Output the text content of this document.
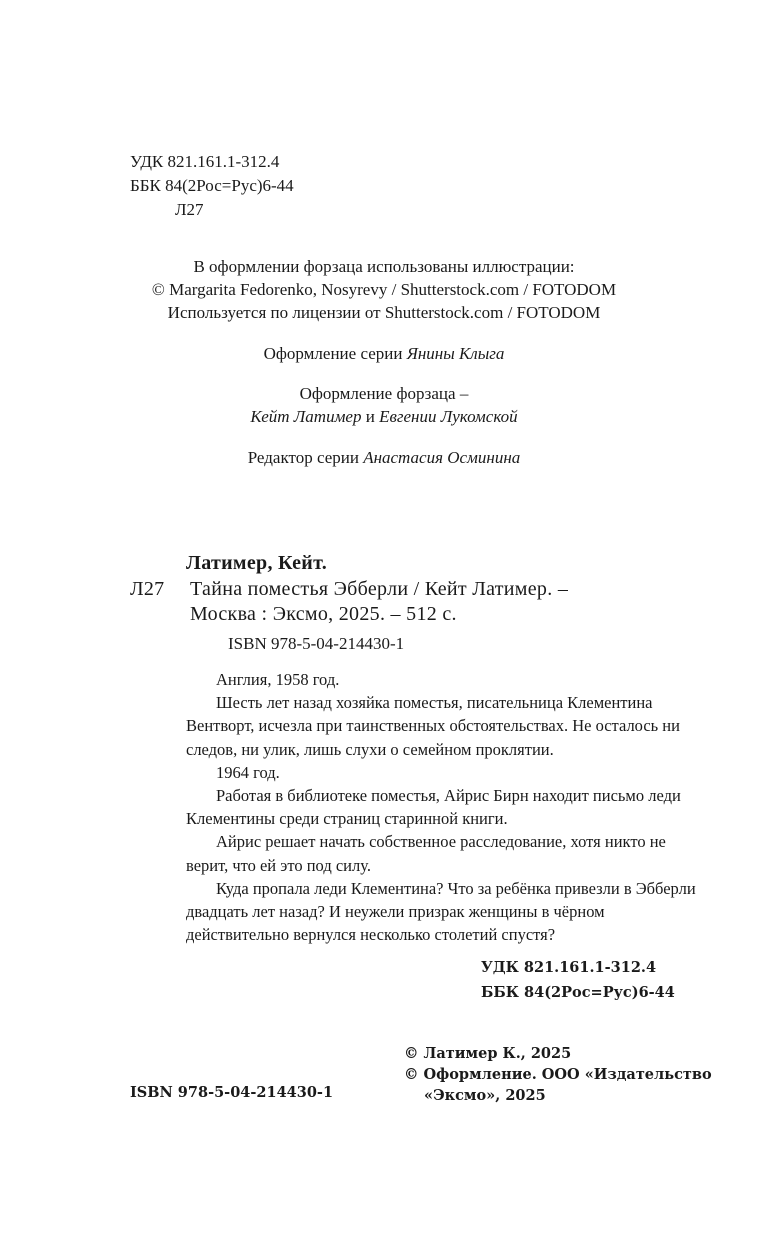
УДК 821.161.1-312.4
ББК 84(2Рос=Рус)6-44
Л27
В оформлении форзаца использованы иллюстрации:
© Margarita Fedorenko, Nosyrevy / Shutterstock.com / FOTODOM
Используется по лицензии от Shutterstock.com / FOTODOM
Оформление серии Янины Клыга
Оформление форзаца –
Кейт Латимер и Евгении Лукомской
Редактор серии Анастасия Осминина
Латимер, Кейт.
Л27 Тайна поместья Эбберли / Кейт Латимер. –
Москва : Эксмо, 2025. – 512 с.
ISBN 978-5-04-214430-1

Англия, 1958 год.

Шесть лет назад хозяйка поместья, писательница Клементина Вентворт, исчезла при таинственных обстоятельствах. Не осталось ни следов, ни улик, лишь слухи о семейном проклятии.

1964 год.

Работая в библиотеке поместья, Айрис Бирн находит письмо леди Клементины среди страниц старинной книги.

Айрис решает начать собственное расследование, хотя никто не верит, что ей это под силу.

Куда пропала леди Клементина? Что за ребёнка привезли в Эбберли двадцать лет назад? И неужели призрак женщины в чёрном действительно вернулся несколько столетий спустя?

УДК 821.161.1-312.4
ББК 84(2Рос=Рус)6-44
ISBN 978-5-04-214430-1
© Латимер К., 2025
© Оформление. ООО «Издательство
«Эксмо», 2025
